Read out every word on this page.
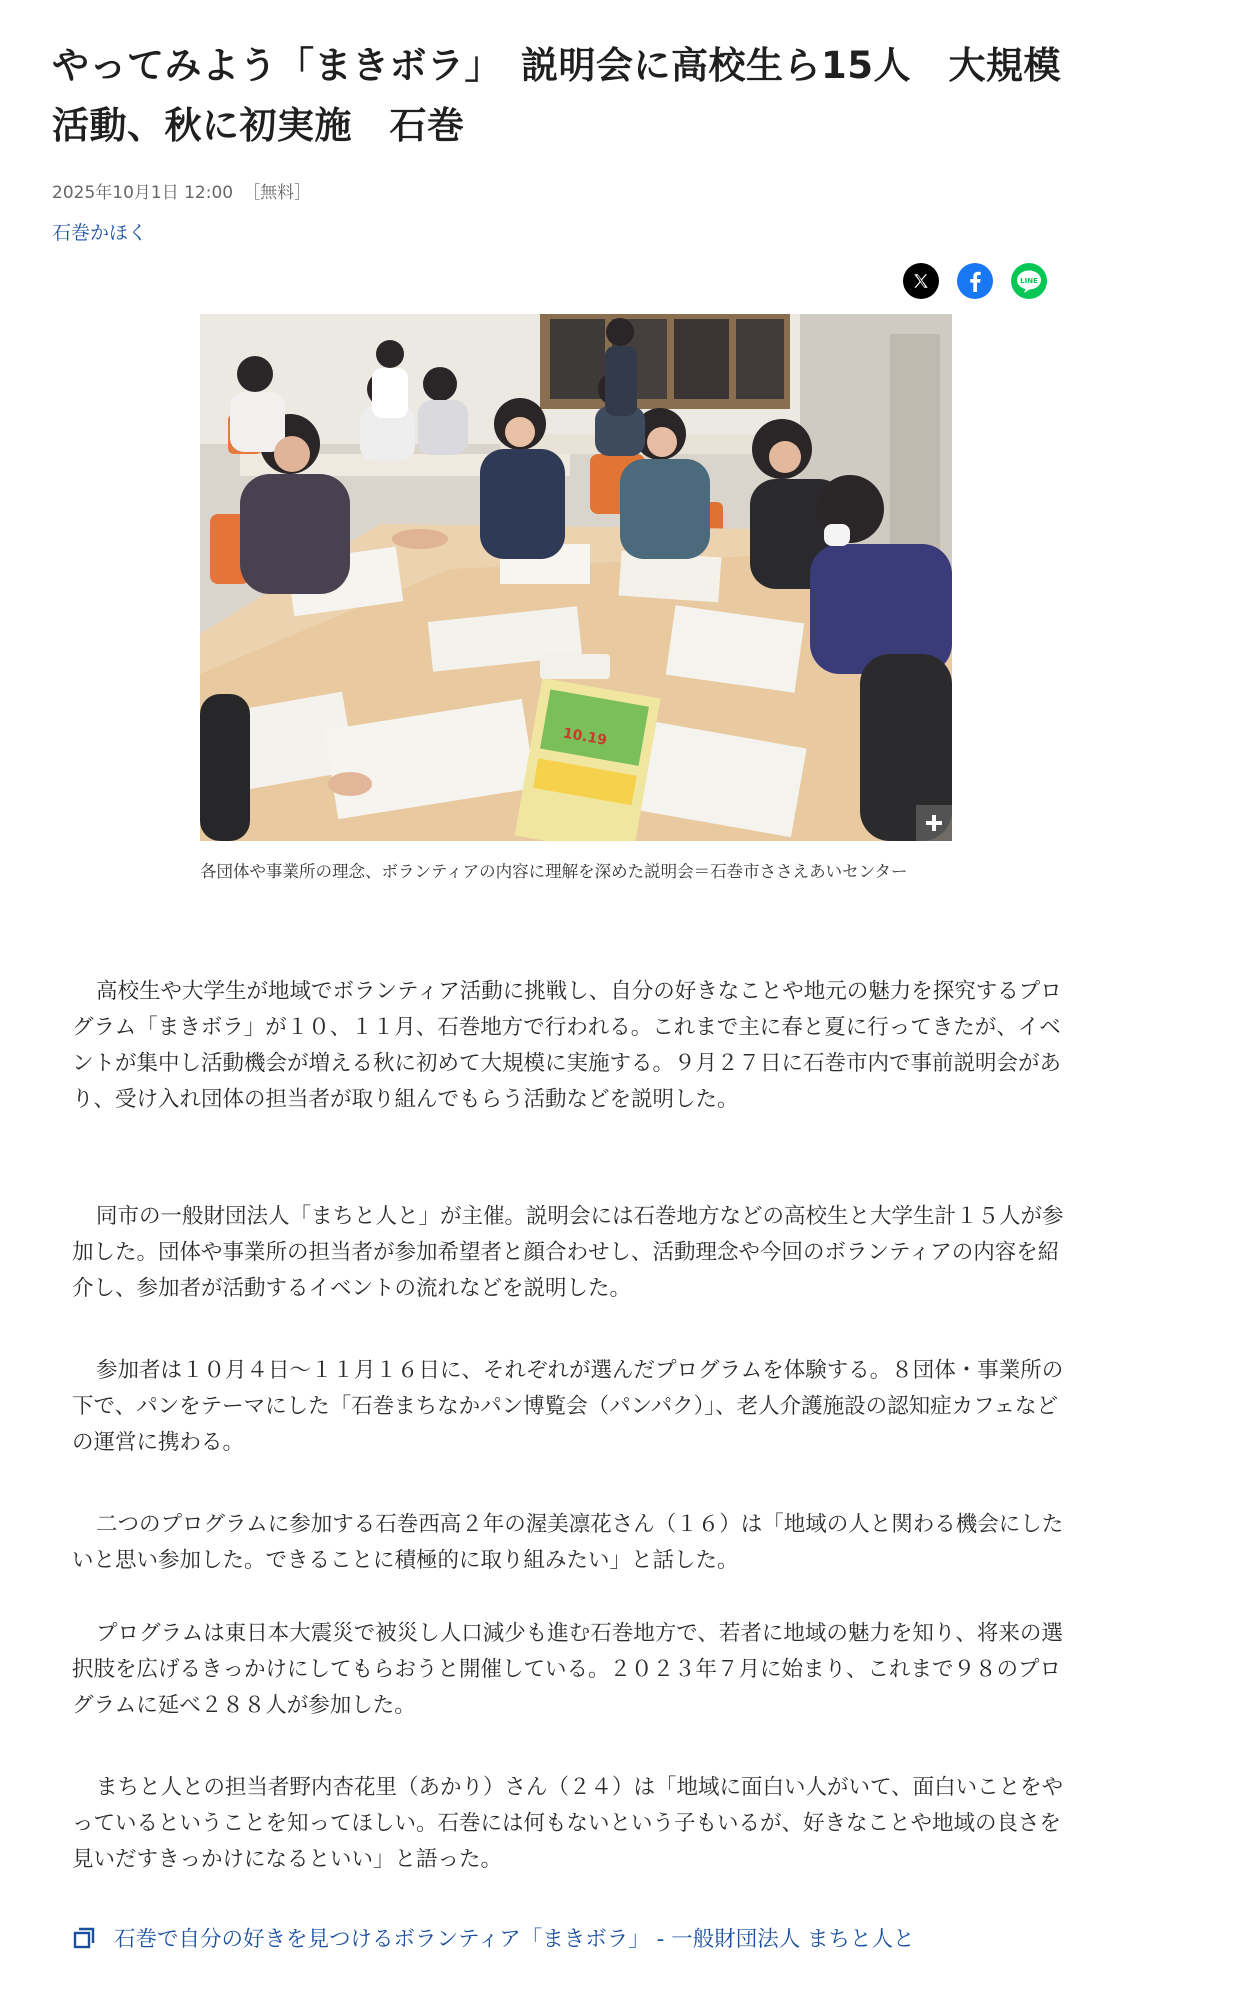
やってみよう「まきボラ」　説明会に高校生ら15人　大規模活動、秋に初実施　石巻
2025年10月1日 12:00 ［無料］
石巻かほく
LINE
10.19
各団体や事業所の理念、ボランティアの内容に理解を深めた説明会＝石巻市ささえあいセンター

高校生や大学生が地域でボランティア活動に挑戦し、自分の好きなことや地元の魅力を探究するプログラム「まきボラ」が１０、１１月、石巻地方で行われる。これまで主に春と夏に行ってきたが、イベントが集中し活動機会が増える秋に初めて大規模に実施する。９月２７日に石巻市内で事前説明会があり、受け入れ団体の担当者が取り組んでもらう活動などを説明した。

同市の一般財団法人「まちと人と」が主催。説明会には石巻地方などの高校生と大学生計１５人が参加した。団体や事業所の担当者が参加希望者と顔合わせし、活動理念や今回のボランティアの内容を紹介し、参加者が活動するイベントの流れなどを説明した。

参加者は１０月４日～１１月１６日に、それぞれが選んだプログラムを体験する。８団体・事業所の下で、パンをテーマにした「石巻まちなかパン博覧会（パンパク）」、老人介護施設の認知症カフェなどの運営に携わる。

二つのプログラムに参加する石巻西高２年の渥美凛花さん（１６）は「地域の人と関わる機会にしたいと思い参加した。できることに積極的に取り組みたい」と話した。

プログラムは東日本大震災で被災し人口減少も進む石巻地方で、若者に地域の魅力を知り、将来の選択肢を広げるきっかけにしてもらおうと開催している。２０２３年７月に始まり、これまで９８のプログラムに延べ２８８人が参加した。

まちと人との担当者野内杏花里（あかり）さん（２４）は「地域に面白い人がいて、面白いことをやっているということを知ってほしい。石巻には何もないという子もいるが、好きなことや地域の良さを見いだすきっかけになるといい」と語った。

石巻で自分の好きを見つけるボランティア「まきボラ」 - 一般財団法人 まちと人と
